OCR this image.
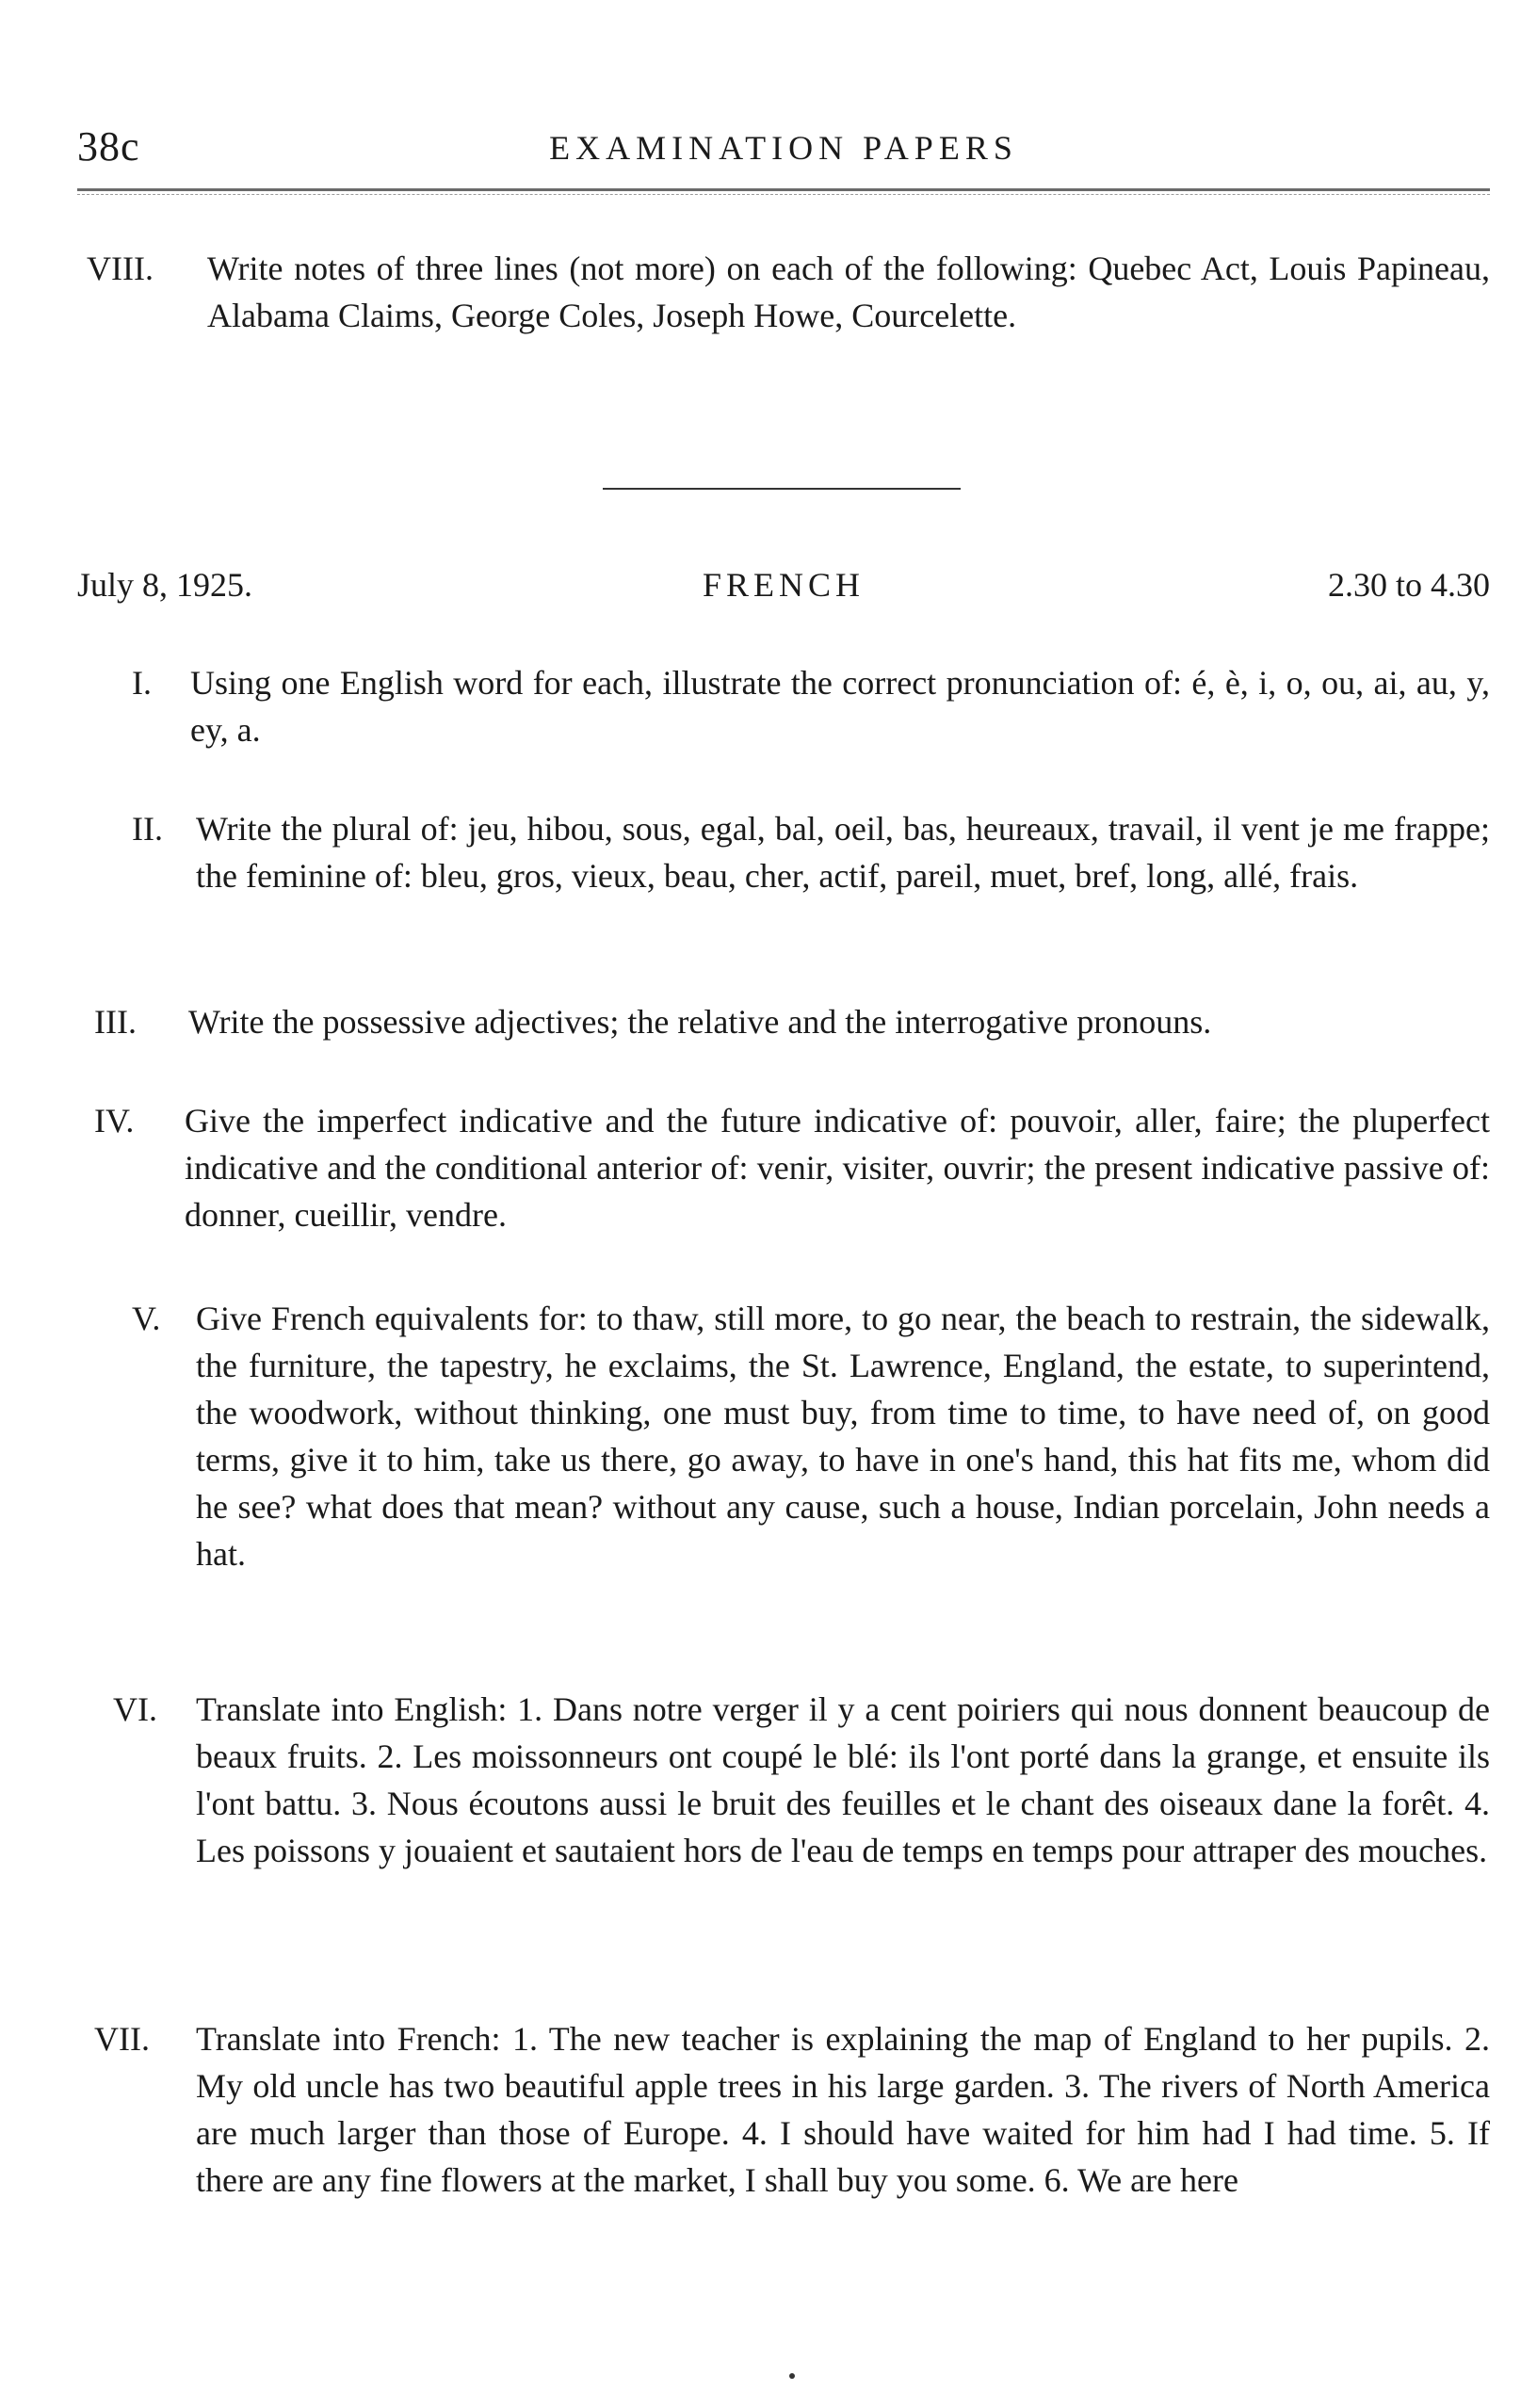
38c	EXAMINATION PAPERS
VIII. Write notes of three lines (not more) on each of the following: Quebec Act, Louis Papineau, Alabama Claims, George Coles, Joseph Howe, Courcelette.
July 8, 1925.	FRENCH	2.30 to 4.30
I. Using one English word for each, illustrate the correct pronunciation of: é, è, i, o, ou, ai, au, y, ey, a.
II. Write the plural of: jeu, hibou, sous, egal, bal, oeil, bas, heureaux, travail, il vent je me frappe; the feminine of: bleu, gros, vieux, beau, cher, actif, pareil, muet, bref, long, allé, frais.
III. Write the possessive adjectives; the relative and the interrogative pronouns.
IV. Give the imperfect indicative and the future indicative of: pouvoir, aller, faire; the pluperfect indicative and the conditional anterior of: venir, visiter, ouvrir; the present indicative passive of: donner, cueillir, vendre.
V. Give French equivalents for: to thaw, still more, to go near, the beach to restrain, the sidewalk, the furniture, the tapestry, he exclaims, the St. Lawrence, England, the estate, to superintend, the woodwork, without thinking, one must buy, from time to time, to have need of, on good terms, give it to him, take us there, go away, to have in one's hand, this hat fits me, whom did he see? what does that mean? without any cause, such a house, Indian porcelain, John needs a hat.
VI. Translate into English: 1. Dans notre verger il y a cent poiriers qui nous donnent beaucoup de beaux fruits. 2. Les moissonneurs ont coupé le blé: ils l'ont porté dans la grange, et ensuite ils l'ont battu. 3. Nous écoutons aussi le bruit des feuilles et le chant des oiseaux dane la forêt. 4. Les poissons y jouaient et sautaient hors de l'eau de temps en temps pour attraper des mouches.
VII. Translate into French: 1. The new teacher is explaining the map of England to her pupils. 2. My old uncle has two beautiful apple trees in his large garden. 3. The rivers of North America are much larger than those of Europe. 4. I should have waited for him had I had time. 5. If there are any fine flowers at the market, I shall buy you some. 6. We are here
